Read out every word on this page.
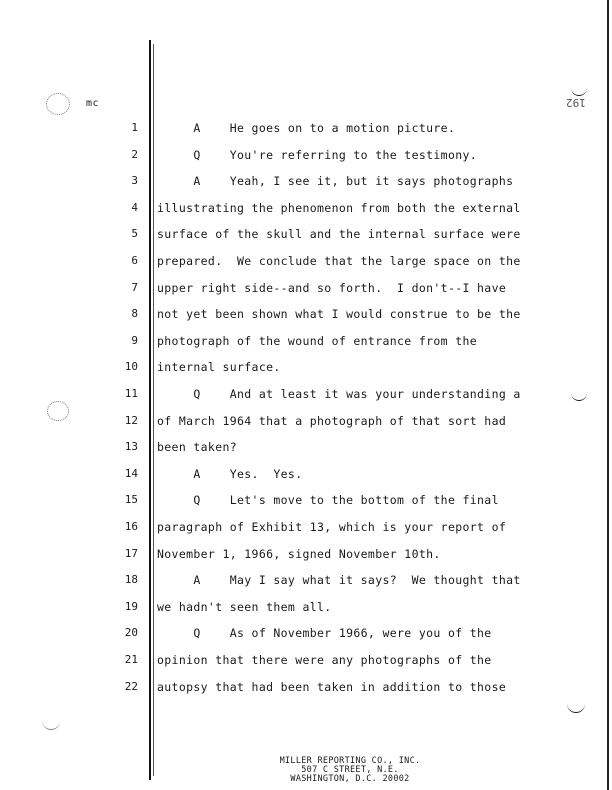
mc	192
1 A    He goes on to a motion picture.
2 Q    You're referring to the testimony.
3 A    Yeah, I see it, but it says photographs
4 illustrating the phenomenon from both the external
5 surface of the skull and the internal surface were
6 prepared.  We conclude that the large space on the
7 upper right side--and so forth.  I don't--I have
8 not yet been shown what I would construe to be the
9 photograph of the wound of entrance from the
10 internal surface.
11 Q    And at least it was your understanding a
12 of March 1964 that a photograph of that sort had
13 been taken?
14 A    Yes.  Yes.
15 Q    Let's move to the bottom of the final
16 paragraph of Exhibit 13, which is your report of
17 November 1, 1966, signed November 10th.
18 A    May I say what it says?  We thought that
19 we hadn't seen them all.
20 Q    As of November 1966, were you of the
21 opinion that there were any photographs of the
22 autopsy that had been taken in addition to those
MILLER REPORTING CO., INC.
507 C STREET, N.E.
WASHINGTON, D.C. 20002
